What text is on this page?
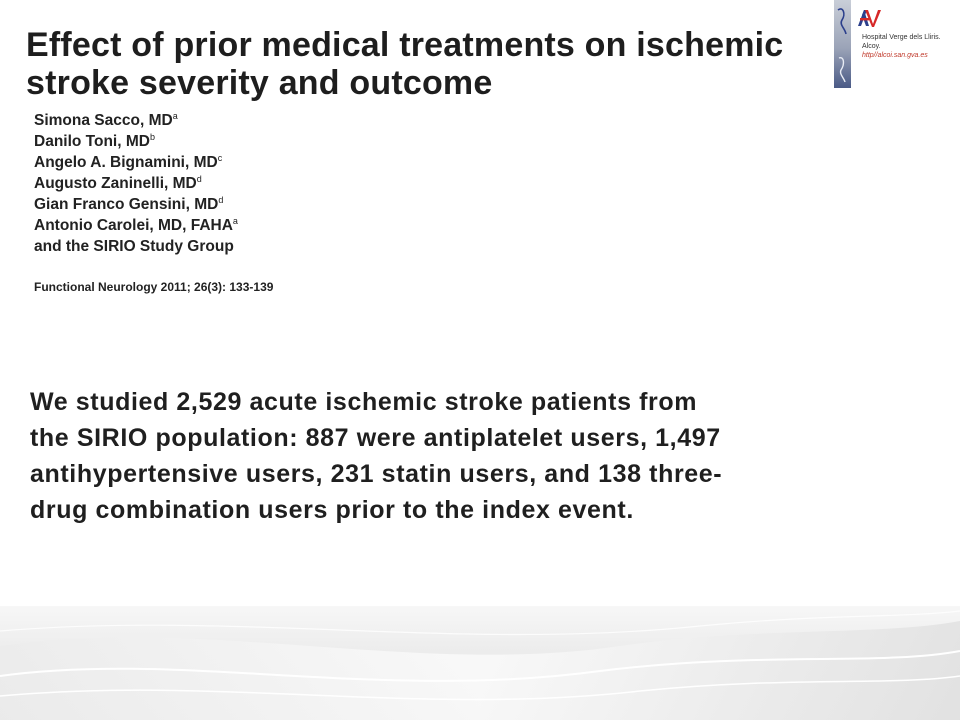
Effect of prior medical treatments on ischemic stroke severity and outcome
Simona Sacco, $MD^a$
Danilo Toni, $MD^b$
Angelo A. Bignamini, $MD^c$
Augusto Zaninelli, $MD^d$
Gian Franco Gensini, $MD^d$
Antonio Carolei, MD, FAHA$^a$
and the SIRIO Study Group
Functional Neurology 2011; 26(3): 133-139
We studied 2,529 acute ischemic stroke patients from
the SIRIO population: 887 were antiplatelet users, 1,497
antihypertensive users, 231 statin users, and 138 three-
drug combination users prior to the index event.
Hospital Verge dels Lliris.
Alcoy.
http//alcoi.san.gva.es
